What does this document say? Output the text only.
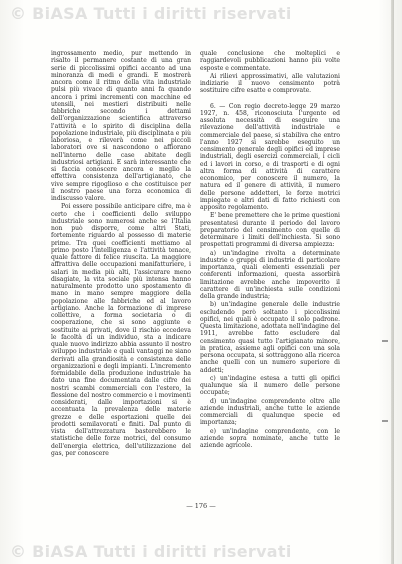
© BiASA Tutti i diritti riservati

ingrossamento medio, pur mettendo in risalto il permanere costante di una gran serie di piccolissimi opifici accanto ad una minoranza di medi e grandi. E mostrerà ancora come il ritmo della vita industriale pulsi più vivace di quanto anni fa quando ancora i primi incrementi con macchine ed utensili, nei mestieri distribuiti nelle fabbriche secondo i dettami dell'organizzazione scientifica attraverso l'attività e lo spirito di disciplina della popolazione industriale, più disciplinata e più laboriosa, e rileverà come nei piccoli laboratori ove si nascondono o affiorano nell'interno delle case abitate degli industriosi artigiani. E sarà interessante che si faccia conoscere ancora e meglio la effettiva consistenza dell'artigianato, che vive sempre rigoglioso e che costituisce per il nostro paese una forza economica di indiscusso valore.

Poi essere possibile anticipare cifre, ma è certo che i coefficienti dello sviluppo industriale sono numerosi anche se l'Italia non può disporre, come altri Stati, fortemente riguardo al possesso di materie prime. Tra quei coefficienti mettiamo al primo posto l'intelligenza e l'attività tenace, quale fattore di felice riuscita. La maggiore affrattiva delle occupazioni manifatturiere, i salari in media più alti, l'assicurare meno disagiate, la vita sociale più intensa hanno naturalmente prodotto uno spostamento di mano in mano sempre maggiore della popolazione alle fabbriche ed al lavoro artigiano. Anche la formazione di imprese collettive, a forma societaria o di cooperazione, che si sono aggiunte e sostituite ai privati, dove il rischio eccedeva le facoltà di un individuo, sta a indicare quale nuovo indirizzo abbia assunto il nostro sviluppo industriale e quali vantaggi ne siano derivati alla grandiosità e consistenza delle organizzazioni e degli impianti. L'incremento formidabile della produzione industriale ha dato una fine documentata dalle cifre dei nostri scambi commerciali con l'estero, la flessione del nostro commercio e i movimenti considerati, dalle importazioni si è accentuata la prevalenza delle materie grezze e delle esportazioni quelle dei prodotti semilavorati e finiti. Dal punto di vista dell'attrezzatura basterebbero le statistiche delle forze motrici, del consumo dell'energia elettrica, dell'utilizzazione del gas, per conoscere

quale conclusione che molteplici e raggiardevoli pubblicazioni hanno più volte esposte e commentate.

Ai rilievi approssimativi, alle valutazioni indiziarie il nuovo censimento potrà sostituire cifre esatte e comprovate.

6. — Con regio decreto-legge 29 marzo 1927, n. 458, riconosciuta l'urgente ed assoluta necessità di eseguire una rilevazione dell'attività industriale e commerciale del paese, si stabiliva che entro l'anno 1927 si sarebbe eseguito un censimento generale degli opifici ed imprese industriali, degli esercizi commerciali, i cicli ed i lavori in corso, e di trasporti e di ogni altra forma di attività di carattere economico, per conoscere il numero, la natura ed il genere di attività, il numero delle persone addetteri, le forze motrici impiegate e altri dati di fatto richiesti con apposito regolamento.

E' bene premettere che le prime questioni presentatesi durante il periodo del lavoro preparatorio del censimento con quelle di determinare i limiti dell'inchiesta. Si sono prospettati programmi di diversa ampiezza:

a) un'indagine rivolta a determinate industrie o gruppi di industrie di particolare importanza, quali elementi essenziali per conferenti informazioni, questa assorbirà limitazione avrebbe anche impoverito il carattere di un'inchiesta sulle condizioni della grande industria;

b) un'indagine generale delle industrie escludendo però soltanto i piccolissimi opifici, nei quali è occupato il solo padrone. Questa limitazione, adottata nell'indagine del 1911, avrebbe fatto escludere dal censimento quasi tutto l'artigianato minore, in pratica, assieme agli opifici con una sola persona occupata, si sottraggono alla ricerca anche quelli con un numero superiore di addetti;

c) un'indagine estesa a tutti gli opifici qualunque sia il numero delle persone occupate;

d) un'indagine comprendente oltre alle aziende industriali, anche tutte le aziende commerciali di qualunque specie ed importanza;

e) un'indagine comprendente, con le aziende sopra nominate, anche tutte le aziende agricole.

— 176 —
© BiASA Tutti i diritti riservati
